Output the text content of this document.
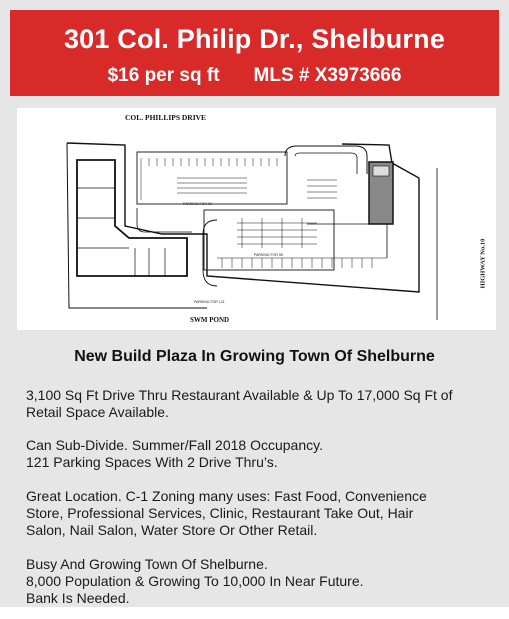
301 Col. Philip Dr., Shelburne
$16 per sq ft MLS # X3973666
COL. PHILLIPS DRIVE
SWM POND
HIGHWAY No.10
PARKING FOR 92
PARKING FOR 98
PARKING FOR 121
New Build Plaza In Growing Town Of Shelburne
3,100 Sq Ft Drive Thru Restaurant Available & Up To 17,000 Sq Ft of
Retail Space Available.
Can Sub-Divide. Summer/Fall 2018 Occupancy.
121 Parking Spaces With 2 Drive Thru’s.
Great Location. C-1 Zoning many uses: Fast Food, Convenience
Store, Professional Services, Clinic, Restaurant Take Out, Hair
Salon, Nail Salon, Water Store Or Other Retail.
Busy And Growing Town Of Shelburne.
8,000 Population & Growing To 10,000 In Near Future.
Bank Is Needed.
